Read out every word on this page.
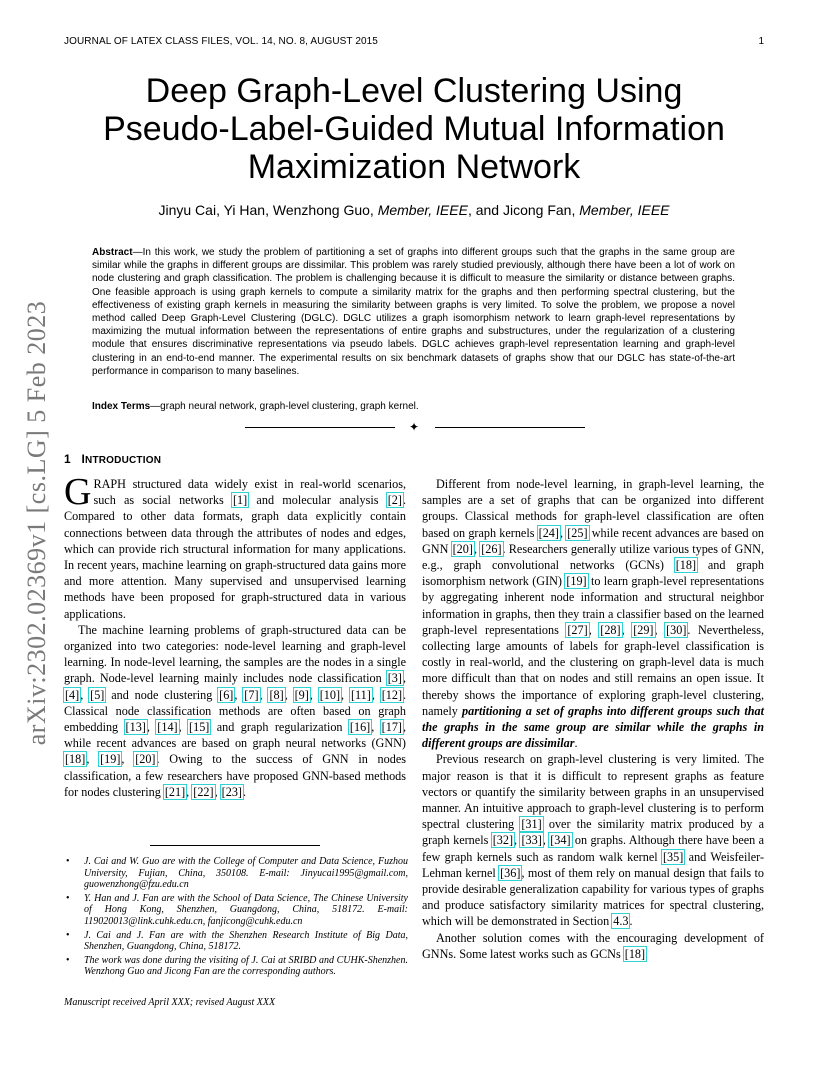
JOURNAL OF LATEX CLASS FILES, VOL. 14, NO. 8, AUGUST 2015	1
arXiv:2302.02369v1 [cs.LG] 5 Feb 2023
Deep Graph-Level Clustering Using
Pseudo-Label-Guided Mutual Information
Maximization Network
Jinyu Cai, Yi Han, Wenzhong Guo, Member, IEEE, and Jicong Fan, Member, IEEE

Abstract—In this work, we study the problem of partitioning a set of graphs into different groups such that the graphs in the same group are similar while the graphs in different groups are dissimilar. This problem was rarely studied previously, although there have been a lot of work on node clustering and graph classification. The problem is challenging because it is difficult to measure the similarity or distance between graphs. One feasible approach is using graph kernels to compute a similarity matrix for the graphs and then performing spectral clustering, but the effectiveness of existing graph kernels in measuring the similarity between graphs is very limited. To solve the problem, we propose a novel method called Deep Graph-Level Clustering (DGLC). DGLC utilizes a graph isomorphism network to learn graph-level representations by maximizing the mutual information between the representations of entire graphs and substructures, under the regularization of a clustering module that ensures discriminative representations via pseudo labels. DGLC achieves graph-level representation learning and graph-level clustering in an end-to-end manner. The experimental results on six benchmark datasets of graphs show that our DGLC has state-of-the-art performance in comparison to many baselines.

Index Terms—graph neural network, graph-level clustering, graph kernel.

✦
1 INTRODUCTION

GRAPH structured data widely exist in real-world scenarios, such as social networks [1] and molecular analysis [2]. Compared to other data formats, graph data explicitly contain connections between data through the attributes of nodes and edges, which can provide rich structural information for many applications. In recent years, machine learning on graph-structured data gains more and more attention. Many supervised and unsupervised learning methods have been proposed for graph-structured data in various applications.

The machine learning problems of graph-structured data can be organized into two categories: node-level learning and graph-level learning. In node-level learning, the samples are the nodes in a single graph. Node-level learning mainly includes node classification [3], [4], [5] and node clustering [6], [7], [8], [9], [10], [11], [12]. Classical node classification methods are often based on graph embedding [13], [14], [15] and graph regularization [16], [17], while recent advances are based on graph neural networks (GNN) [18], [19], [20]. Owing to the success of GNN in nodes classification, a few researchers have proposed GNN-based methods for nodes clustering [21], [22], [23].

• J. Cai and W. Guo are with the College of Computer and Data Science, Fuzhou University, Fujian, China, 350108. E-mail: Jinyucai1995@gmail.com, guowenzhong@fzu.edu.cn
• Y. Han and J. Fan are with the School of Data Science, The Chinese University of Hong Kong, Shenzhen, Guangdong, China, 518172. E-mail: 119020013@link.cuhk.edu.cn, fanjicong@cuhk.edu.cn
• J. Cai and J. Fan are with the Shenzhen Research Institute of Big Data, Shenzhen, Guangdong, China, 518172.
• The work was done during the visiting of J. Cai at SRIBD and CUHK-Shenzhen. Wenzhong Guo and Jicong Fan are the corresponding authors.
Manuscript received April XXX; revised August XXX

Different from node-level learning, in graph-level learning, the samples are a set of graphs that can be organized into different groups. Classical methods for graph-level classification are often based on graph kernels [24], [25] while recent advances are based on GNN [20], [26]. Researchers generally utilize various types of GNN, e.g., graph convolutional networks (GCNs) [18] and graph isomorphism network (GIN) [19] to learn graph-level representations by aggregating inherent node information and structural neighbor information in graphs, then they train a classifier based on the learned graph-level representations [27], [28], [29], [30]. Nevertheless, collecting large amounts of labels for graph-level classification is costly in real-world, and the clustering on graph-level data is much more difficult than that on nodes and still remains an open issue. It thereby shows the importance of exploring graph-level clustering, namely partitioning a set of graphs into different groups such that the graphs in the same group are similar while the graphs in different groups are dissimilar.

Previous research on graph-level clustering is very limited. The major reason is that it is difficult to represent graphs as feature vectors or quantify the similarity between graphs in an unsupervised manner. An intuitive approach to graph-level clustering is to perform spectral clustering [31] over the similarity matrix produced by a graph kernels [32], [33], [34] on graphs. Although there have been a few graph kernels such as random walk kernel [35] and Weisfeiler-Lehman kernel [36], most of them rely on manual design that fails to provide desirable generalization capability for various types of graphs and produce satisfactory similarity matrices for spectral clustering, which will be demonstrated in Section 4.3.

Another solution comes with the encouraging development of GNNs. Some latest works such as GCNs [18]
